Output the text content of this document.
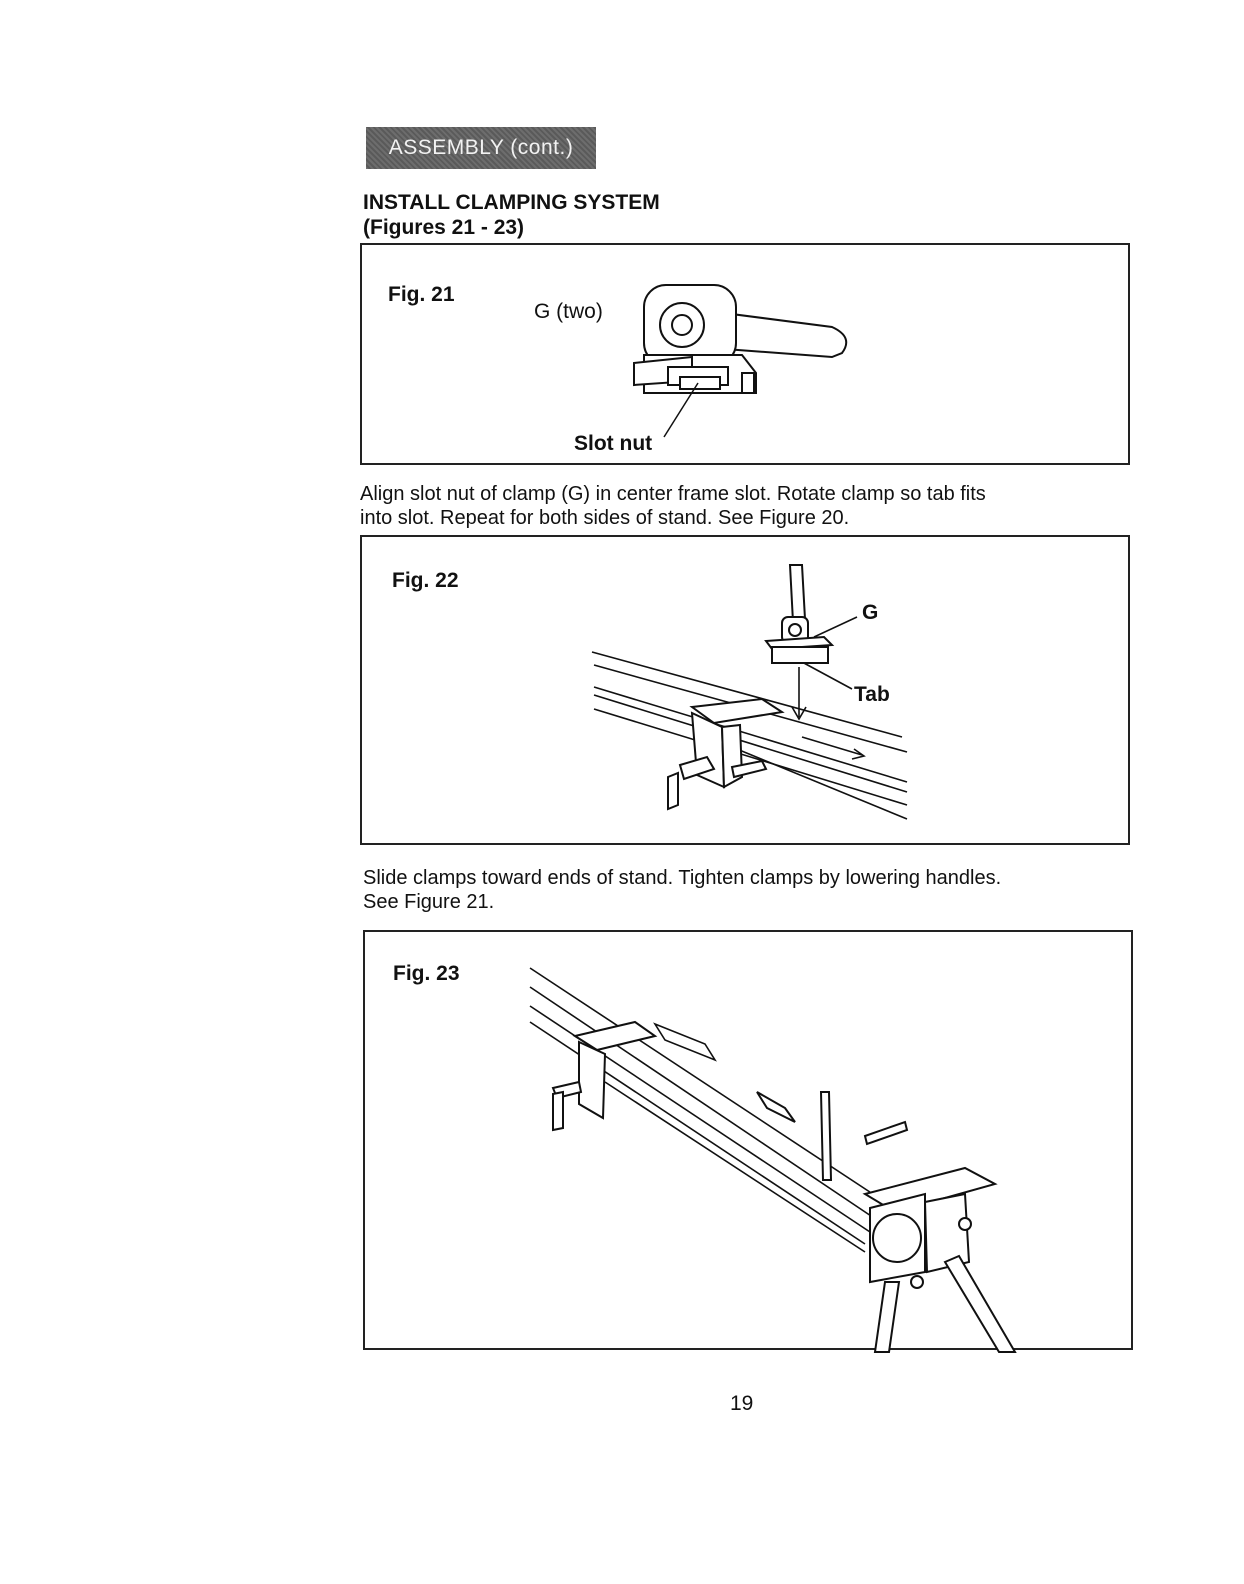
ASSEMBLY (cont.)
INSTALL CLAMPING SYSTEM
(Figures 21 - 23)
Fig. 21
G (two)
Slot nut
Align slot nut of clamp (G) in center frame slot. Rotate clamp so tab fits
into slot. Repeat for both sides of stand. See Figure 20.
Fig. 22
G
Tab
Slide clamps toward ends of stand. Tighten clamps by lowering handles.
See Figure 21.
Fig. 23
19
